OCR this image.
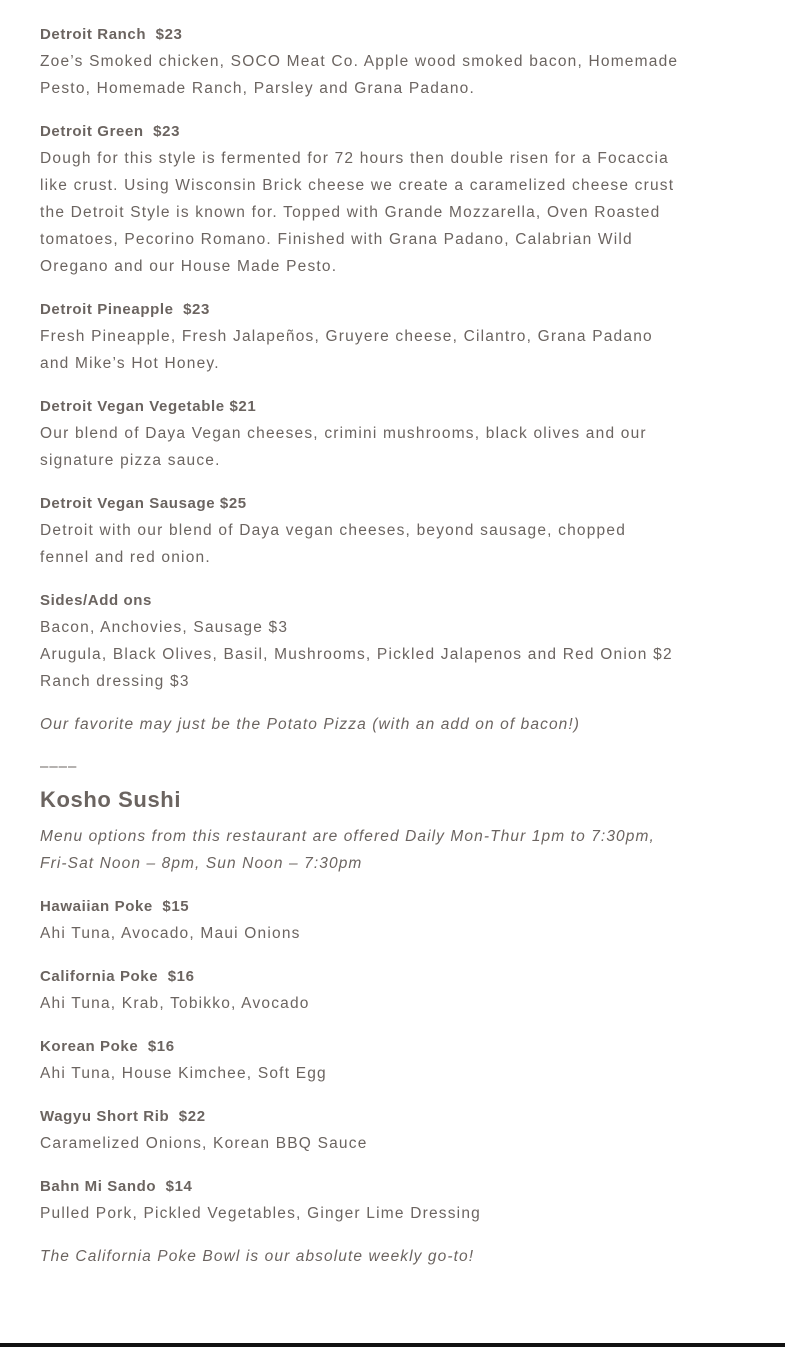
Detroit Ranch  $23

Zoe’s Smoked chicken, SOCO Meat Co. Apple wood smoked bacon, Homemade Pesto, Homemade Ranch, Parsley and Grana Padano.

Detroit Green  $23

Dough for this style is fermented for 72 hours then double risen for a Focaccia like crust. Using Wisconsin Brick cheese we create a caramelized cheese crust the Detroit Style is known for. Topped with Grande Mozzarella, Oven Roasted tomatoes, Pecorino Romano. Finished with Grana Padano, Calabrian Wild Oregano and our House Made Pesto.

Detroit Pineapple  $23

Fresh Pineapple, Fresh Jalapeños, Gruyere cheese, Cilantro, Grana Padano and Mike’s Hot Honey.

Detroit Vegan Vegetable $21

Our blend of Daya Vegan cheeses, crimini mushrooms, black olives and our signature pizza sauce.

Detroit Vegan Sausage $25

Detroit with our blend of Daya vegan cheeses, beyond sausage, chopped fennel and red onion.

Sides/Add ons

Bacon, Anchovies, Sausage $3

Arugula, Black Olives, Basil, Mushrooms, Pickled Jalapenos and Red Onion $2

Ranch dressing $3

Our favorite may just be the Potato Pizza (with an add on of bacon!)

––––
Kosho Sushi

Menu options from this restaurant are offered Daily Mon-Thur 1pm to 7:30pm, Fri-Sat Noon – 8pm, Sun Noon – 7:30pm

Hawaiian Poke  $15

Ahi Tuna, Avocado, Maui Onions

California Poke  $16

Ahi Tuna, Krab, Tobikko, Avocado

Korean Poke  $16

Ahi Tuna, House Kimchee, Soft Egg

Wagyu Short Rib  $22

Caramelized Onions, Korean BBQ Sauce

Bahn Mi Sando  $14

Pulled Pork, Pickled Vegetables, Ginger Lime Dressing

The California Poke Bowl is our absolute weekly go-to!
